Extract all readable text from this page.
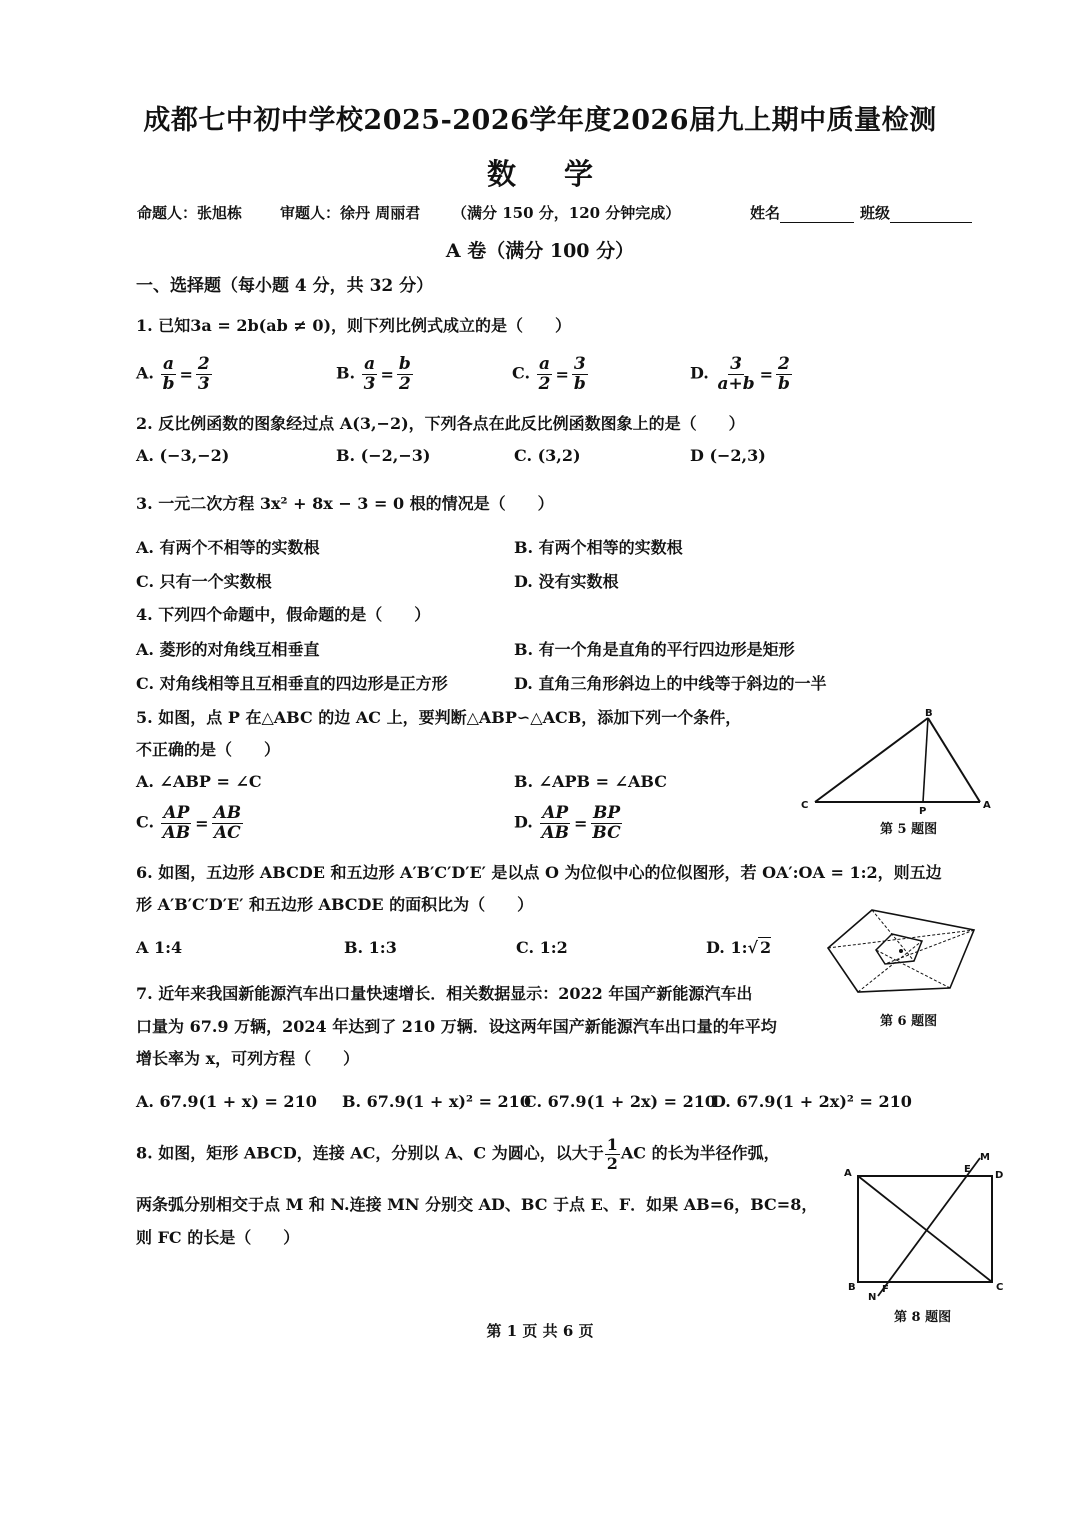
成都七中初中学校2025-2026学年度2026届九上期中质量检测
数学
命题人：张旭栋	审题人：徐丹 周丽君 （满分 150 分，120 分钟完成）	姓名	班级
A 卷（满分 100 分）
一、选择题（每小题 4 分，共 32 分）
1. 已知3a = 2b(ab ≠ 0)，则下列比例式成立的是（　　）
A. $\frac{a}{b} = \frac{2}{3}$	B. $\frac{a}{3} = \frac{b}{2}$	C. $\frac{a}{2} = \frac{3}{b}$	D. $\frac{3}{a+b} = \frac{2}{b}$
2. 反比例函数的图象经过点 A(3,−2)，下列各点在此反比例函数图象上的是（　　）
A. (−3,−2)	B. (−2,−3)	C. (3,2)	D (−2,3)
3. 一元二次方程 3x² + 8x − 3 = 0 根的情况是（　　）
A. 有两个不相等的实数根	B. 有两个相等的实数根
C. 只有一个实数根	D. 没有实数根
4. 下列四个命题中，假命题的是（　　）
A. 菱形的对角线互相垂直	B. 有一个角是直角的平行四边形是矩形
C. 对角线相等且互相垂直的四边形是正方形	D. 直角三角形斜边上的中线等于斜边的一半
5. 如图，点 P 在△ABC 的边 AC 上，要判断△ABP∽△ACB，添加下列一个条件，
不正确的是（　　）
A. ∠ABP = ∠C	B. ∠APB = ∠ABC
C. $\frac{AP}{AB} = \frac{AB}{AC}$	D. $\frac{AP}{AB} = \frac{BP}{BC}$
B
C
P
A
第 5 题图
6. 如图，五边形 ABCDE 和五边形 A′B′C′D′E′ 是以点 O 为位似中心的位似图形，若 OA′:OA = 1:2，则五边
形 A′B′C′D′E′ 和五边形 ABCDE 的面积比为（　　）
A 1:4	B. 1:3	C. 1:2	D. 1:√ 2
第 6 题图
7. 近年来我国新能源汽车出口量快速增长．相关数据显示：2022 年国产新能源汽车出
口量为 67.9 万辆，2024 年达到了 210 万辆．设这两年国产新能源汽车出口量的年平均
增长率为 x，可列方程（　　）
A. 67.9(1 + x) = 210 B. 67.9(1 + x)² = 210
C. 67.9(1 + 2x) = 210
D. 67.9(1 + 2x)² = 210
8. 如图，矩形 ABCD，连接 AC，分别以 A、C 为圆心，以大于 $\frac{1}{2}$ AC 的长为半径作弧，
两条弧分别相交于点 M 和 N.连接 MN 分别交 AD、BC 于点 E、F．如果 AB=6，BC=8，
则 FC 的长是（　　）
A	D
E
M
B	C
F
N
第 8 题图
第 1 页 共 6 页
